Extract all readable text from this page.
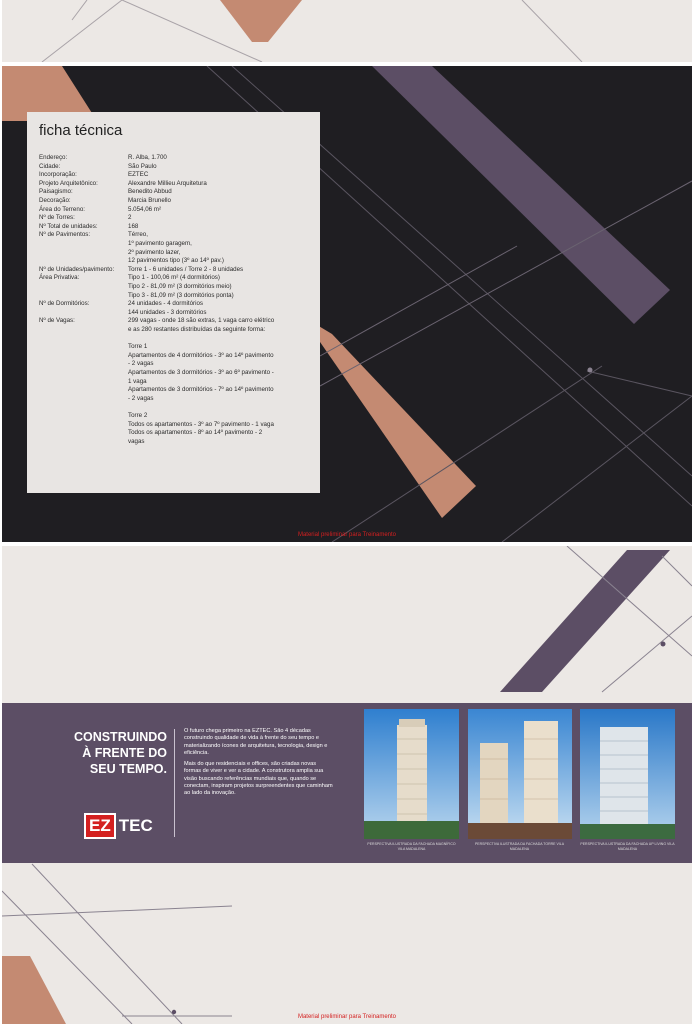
ficha técnica
Endereço:	R. Alba, 1.700
Cidade:	São Paulo
Incorporação:	EZTEC
Projeto Arquitetônico:	Alexandre Millieu Arquitetura
Paisagismo:	Benedito Abbud
Decoração:	Marcia Brunello
Área do Terreno:	5.054,06 m²
Nº de Torres:	2
Nº Total de unidades:	168
Nº de Pavimentos:	Térreo,
1º pavimento garagem,
2º pavimento lazer,
12 pavimentos tipo (3º ao 14º pav.)
Nº de Unidades/pavimento:	Torre 1 - 6 unidades / Torre 2 - 8 unidades
Área Privativa:	Tipo 1 - 100,06 m² (4 dormitórios)
Tipo 2 - 81,09 m² (3 dormitórios meio)
Tipo 3 - 81,09 m² (3 dormitórios ponta)
Nº de Dormitórios:	24 unidades - 4 dormitórios
144 unidades - 3 dormitórios
Nº de Vagas:	299 vagas - onde 18 são extras, 1 vaga carro elétrico
e as 280 restantes distribuídas da seguinte forma:
Torre 1
Apartamentos de 4 dormitórios - 3º ao 14º pavimento
- 2 vagas
Apartamentos de 3 dormitórios - 3º ao 6º pavimento -
1 vaga
Apartamentos de 3 dormitórios - 7º ao 14º pavimento
- 2 vagas
Torre 2
Todos os apartamentos - 3º ao 7º pavimento - 1 vaga
Todos os apartamentos - 8º ao 14º pavimento - 2
vagas
Material preliminar para Treinamento
CONSTRUINDO
À FRENTE DO
SEU TEMPO.

O futuro chega primeiro na EZTEC. São 4 décadas construindo qualidade de vida à frente do seu tempo e materializando ícones de arquitetura, tecnologia, design e eficiência.

Mais do que residenciais e offices, são criadas novas formas de viver e ver a cidade. A construtora amplia sua visão buscando referências mundiais que, quando se conectam, inspiram projetos surpreendentes que caminham ao lado da inovação.

EZ TEC
PERSPECTIVA ILUSTRADA DA FACHADA MAGNÍFICO VILA MADALENA
PERSPECTIVA ILUSTRADA DA FACHADA TORRE VILA MADALENA
PERSPECTIVA ILUSTRADA DA FACHADA UP LIVING VILA MADALENA
Material preliminar para Treinamento
